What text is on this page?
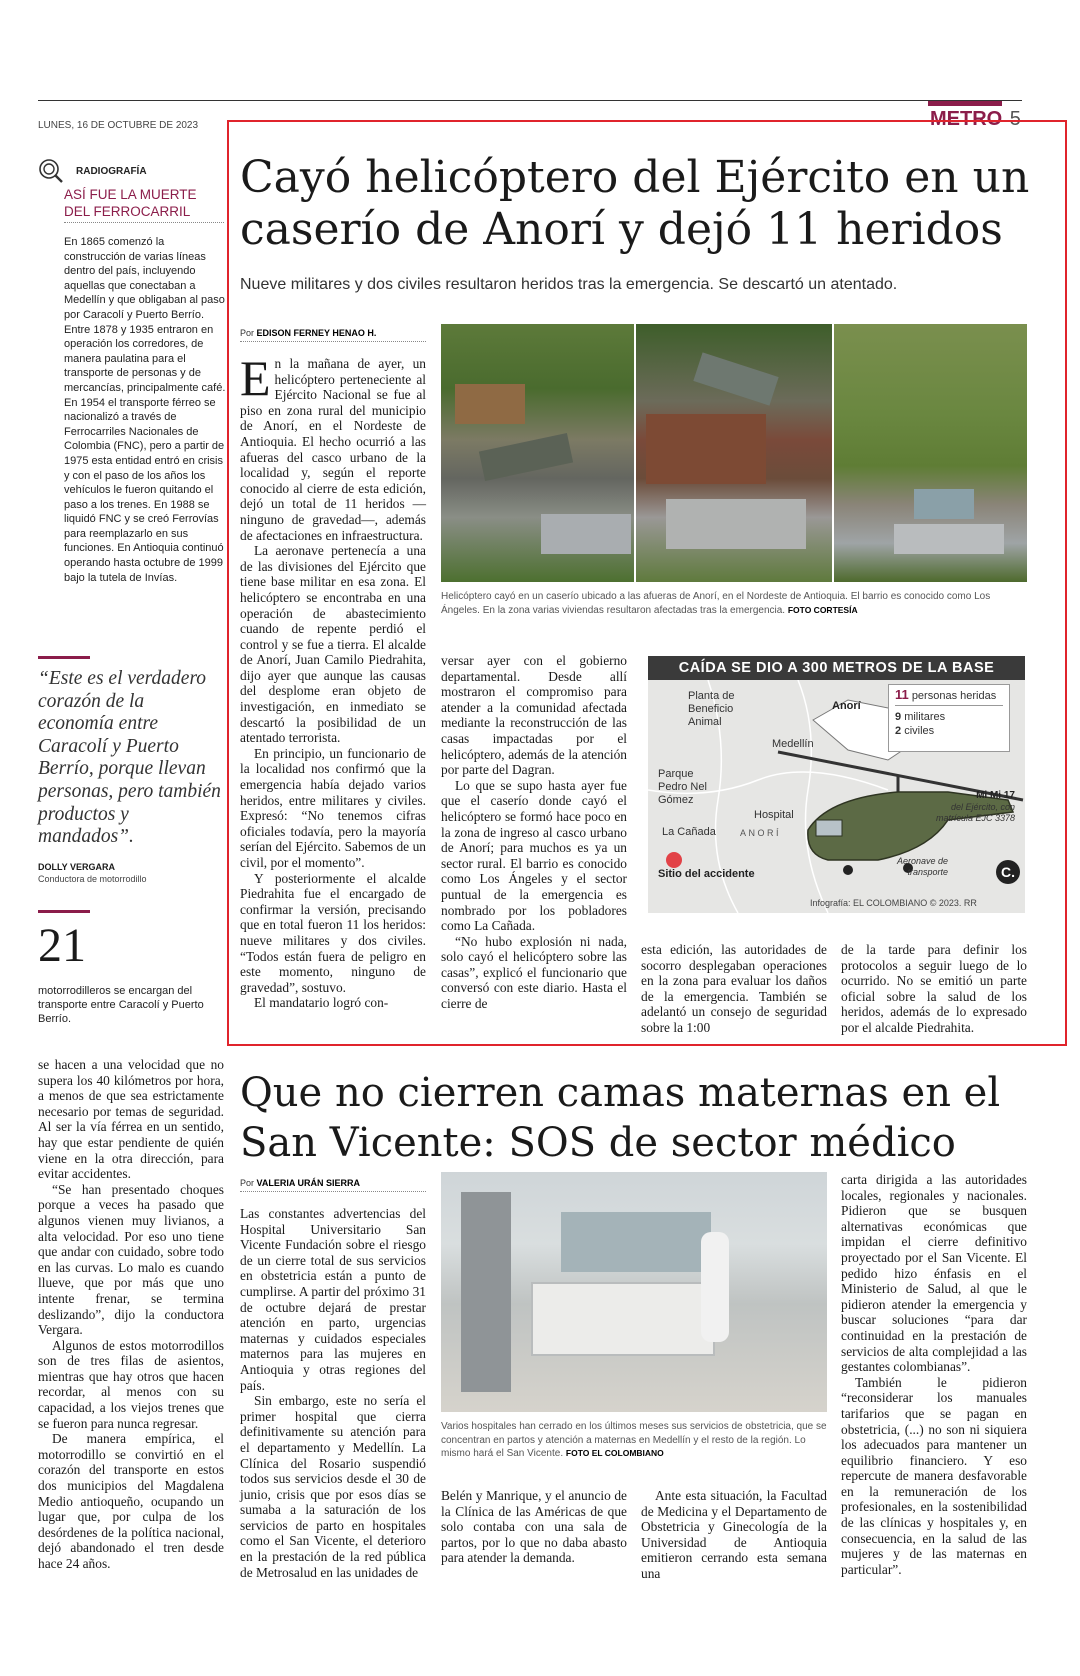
LUNES, 16 DE OCTUBRE DE 2023	METRO 5
RADIOGRAFÍA
ASÍ FUE LA MUERTE DEL FERROCARRIL
En 1865 comenzó la construcción de varias líneas dentro del país, incluyendo aquellas que conectaban a Medellín y que obligaban al paso por Caracolí y Puerto Berrío. Entre 1878 y 1935 entraron en operación los corredores, de manera paulatina para el transporte de personas y de mercancías, principalmente café. En 1954 el transporte férreo se nacionalizó a través de Ferrocarriles Nacionales de Colombia (FNC), pero a partir de 1975 esta entidad entró en crisis y con el paso de los años los vehículos le fueron quitando el paso a los trenes. En 1988 se liquidó FNC y se creó Ferrovías para reemplazarlo en sus funciones. En Antioquia continuó operando hasta octubre de 1999 bajo la tutela de Invías.
“Este es el verdadero corazón de la economía entre Caracolí y Puerto Berrío, porque llevan personas, pero también productos y mandados”.
DOLLY VERGARA
Conductora de motorrodillo
21
motorrodilleros se encargan del transporte entre Caracolí y Puerto Berrío.

se hacen a una velocidad que no supera los 40 kilómetros por hora, a menos de que sea estrictamente necesario por temas de seguridad. Al ser la vía férrea en un sentido, hay que estar pendiente de quién viene en la otra dirección, para evitar accidentes.

“Se han presentado choques porque a veces ha pasado que algunos vienen muy livianos, a alta velocidad. Por eso uno tiene que andar con cuidado, sobre todo en las curvas. Lo malo es cuando llueve, que por más que uno intente frenar, se termina deslizando”, dijo la conductora Vergara.

Algunos de estos motorrodillos son de tres filas de asientos, mientras que hay otros que hacen recordar, al menos con su capacidad, a los viejos trenes que se fueron para nunca regresar.

De manera empírica, el motorrodillo se convirtió en el corazón del transporte en estos dos municipios del Magdalena Medio antioqueño, ocupando un lugar que, por culpa de los desórdenes de la política nacional, dejó abandonado el tren desde hace 24 años.

Cayó helicóptero del Ejército en un caserío de Anorí y dejó 11 heridos
Nueve militares y dos civiles resultaron heridos tras la emergencia. Se descartó un atentado.
Por EDISON FERNEY HENAO H.

En la mañana de ayer, un helicóptero perteneciente al Ejército Nacional se fue al piso en zona rural del municipio de Anorí, en el Nordeste de Antioquia. El hecho ocurrió a las afueras del casco urbano de la localidad y, según el reporte conocido al cierre de esta edición, dejó un total de 11 heridos —ninguno de gravedad—, además de afectaciones en infraestructura.

La aeronave pertenecía a una de las divisiones del Ejército que tiene base militar en esa zona. El helicóptero se encontraba en una operación de abastecimiento cuando de repente perdió el control y se fue a tierra. El alcalde de Anorí, Juan Camilo Piedrahita, dijo ayer que aunque las causas del desplome eran objeto de investigación, en inmediato se descartó la posibilidad de un atentado terrorista.

En principio, un funcionario de la localidad nos confirmó que la emergencia había dejado varios heridos, entre militares y civiles. Expresó: “No tenemos cifras oficiales todavía, pero la mayoría serían del Ejército. Sabemos de un civil, por el momento”.

Y posteriormente el alcalde Piedrahita fue el encargado de confirmar la versión, precisando que en total fueron 11 los heridos: nueve militares y dos civiles. “Todos están fuera de peligro en este momento, ninguno de gravedad”, sostuvo.

El mandatario logró con-

Helicóptero cayó en un caserío ubicado a las afueras de Anorí, en el Nordeste de Antioquia. El barrio es conocido como Los Ángeles. En la zona varias viviendas resultaron afectadas tras la emergencia. FOTO CORTESÍA

versar ayer con el gobierno departamental. Desde allí mostraron el compromiso para atender a la comunidad afectada mediante la reconstrucción de las casas impactadas por el helicóptero, además de la atención por parte del Dagran.

Lo que se supo hasta ayer fue que el caserío donde cayó el helicóptero se formó hace poco en la zona de ingreso al casco urbano de Anorí; para muchos es ya un sector rural. El barrio es conocido como Los Ángeles y el sector puntual de la emergencia es nombrado por los pobladores como La Cañada.

“No hubo explosión ni nada, solo cayó el helicóptero sobre las casas”, explicó el funcionario que conversó con este diario. Hasta el cierre de

esta edición, las autoridades de socorro desplegaban operaciones en la zona para evaluar los daños de la emergencia. También se adelantó un consejo de seguridad sobre la 1:00

de la tarde para definir los protocolos a seguir luego de lo ocurrido. No se emitió un parte oficial sobre la salud de los heridos, además de lo expresado por el alcalde Piedrahita.

CAÍDA SE DIO A 300 METROS DE LA BASE
Planta de Beneficio Animal
Parque Pedro Nel Gómez
Hospital
ANORÍ
La Cañada
Sitio del accidente
Anorí
Medellín
11 personas heridas
9 militares
2 civiles
Mi Mi 17
del Ejército, con matrícula EJC 3378
Aeronave de transporte	C.
Infografía: EL COLOMBIANO © 2023. RR
Que no cierren camas maternas en el San Vicente: SOS de sector médico
Por VALERIA URÁN SIERRA

Las constantes advertencias del Hospital Universitario San Vicente Fundación sobre el riesgo de un cierre total de sus servicios en obstetricia están a punto de cumplirse. A partir del próximo 31 de octubre dejará de prestar atención en parto, urgencias maternas y cuidados especiales maternos para las mujeres en Antioquia y otras regiones del país.

Sin embargo, este no sería el primer hospital que cierra definitivamente su atención para el departamento y Medellín. La Clínica del Rosario suspendió todos sus servicios desde el 30 de junio, crisis que por esos días se sumaba a la saturación de los servicios de parto en hospitales como el San Vicente, el deterioro en la prestación de la red pública de Metrosalud en las unidades de

Varios hospitales han cerrado en los últimos meses sus servicios de obstetricia, que se concentran en partos y atención a maternas en Medellín y el resto de la región. Lo mismo hará el San Vicente. FOTO EL COLOMBIANO

Belén y Manrique, y el anuncio de la Clínica de las Américas de que solo contaba con una sala de partos, por lo que no daba abasto para atender la demanda.

Ante esta situación, la Facultad de Medicina y el Departamento de Obstetricia y Ginecología de la Universidad de Antioquia emitieron cerrando esta semana una

carta dirigida a las autoridades locales, regionales y nacionales. Pidieron que se busquen alternativas económicas que impidan el cierre definitivo proyectado por el San Vicente. El pedido hizo énfasis en el Ministerio de Salud, al que le pidieron atender la emergencia y buscar soluciones “para dar continuidad en la prestación de servicios de alta complejidad a las gestantes colombianas”.

También le pidieron “reconsiderar los manuales tarifarios que se pagan en obstetricia, (...) no son ni siquiera los adecuados para mantener un equilibrio financiero. Y eso repercute de manera desfavorable en la remuneración de los profesionales, en la sostenibilidad de las clínicas y hospitales y, en consecuencia, en la salud de las mujeres y de las maternas en particular”.
